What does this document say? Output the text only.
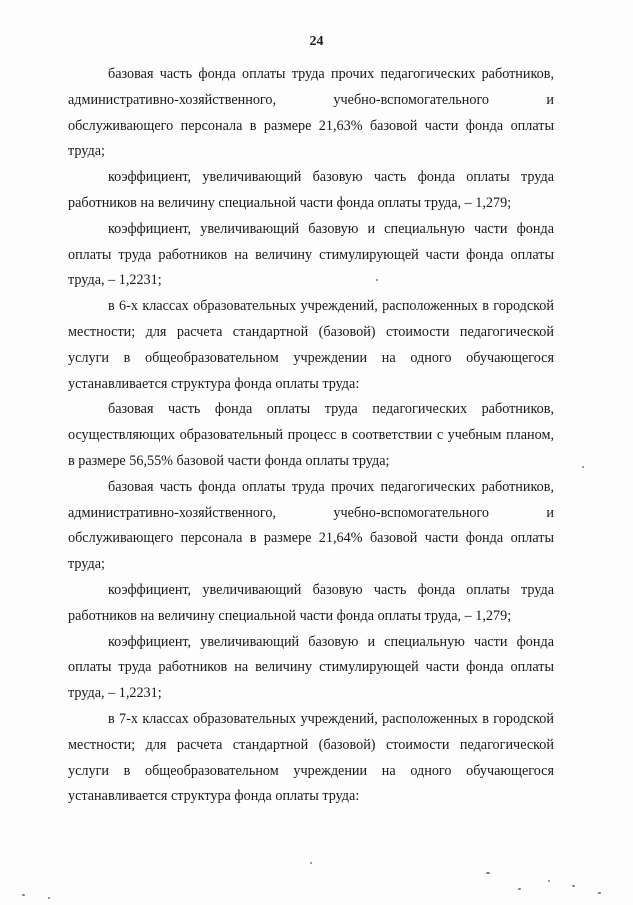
24

базовая часть фонда оплаты труда прочих педагогических работников, административно-хозяйственного, учебно-вспомогательного и обслуживающего персонала в размере 21,63% базовой части фонда оплаты труда;

коэффициент, увеличивающий базовую часть фонда оплаты труда работников на величину специальной части фонда оплаты труда, – 1,279;

коэффициент, увеличивающий базовую и специальную части фонда оплаты труда работников на величину стимулирующей части фонда оплаты труда, – 1,2231;

в 6-х классах образовательных учреждений, расположенных в городской местности; для расчета стандартной (базовой) стоимости педагогической услуги в общеобразовательном учреждении на одного обучающегося устанавливается структура фонда оплаты труда:

базовая часть фонда оплаты труда педагогических работников, осуществляющих образовательный процесс в соответствии с учебным планом, в размере 56,55% базовой части фонда оплаты труда;

базовая часть фонда оплаты труда прочих педагогических работников, административно-хозяйственного, учебно-вспомогательного и обслуживающего персонала в размере 21,64% базовой части фонда оплаты труда;

коэффициент, увеличивающий базовую часть фонда оплаты труда работников на величину специальной части фонда оплаты труда, – 1,279;

коэффициент, увеличивающий базовую и специальную части фонда оплаты труда работников на величину стимулирующей части фонда оплаты труда, – 1,2231;

в 7-х классах образовательных учреждений, расположенных в городской местности; для расчета стандартной (базовой) стоимости педагогической услуги в общеобразовательном учреждении на одного обучающегося устанавливается структура фонда оплаты труда:
